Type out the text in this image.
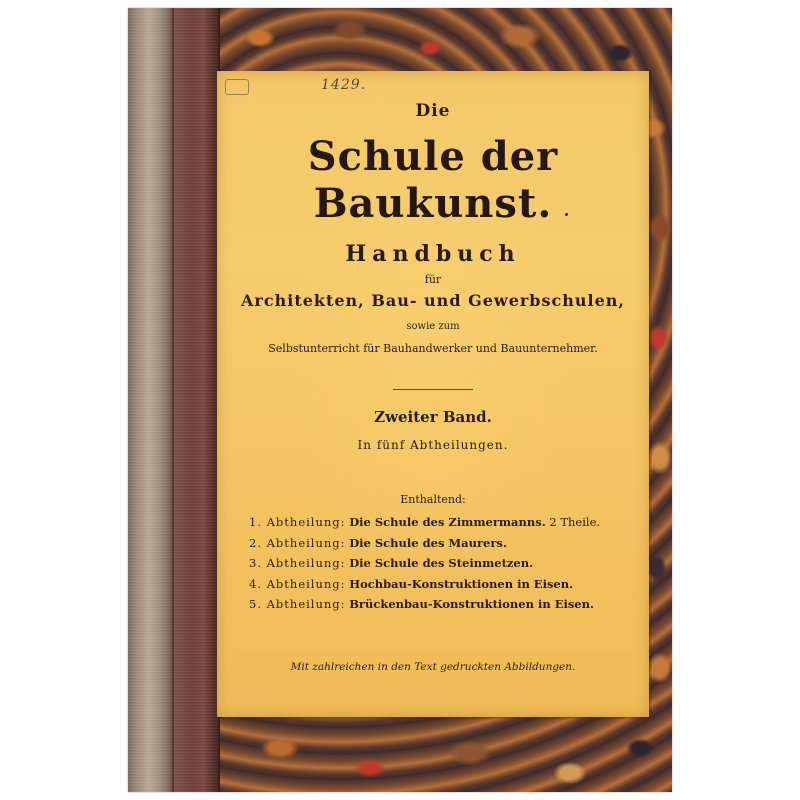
1429.
Die
Schule der Baukunst.
Handbuch
für
Architekten, Bau- und Gewerbschulen,
sowie zum
Selbstunterricht für Bauhandwerker und Bauunternehmer.
Zweiter Band.
In fünf Abtheilungen.
Enthaltend:
1. Abtheilung: Die Schule des Zimmermanns. 2 Theile.
2. Abtheilung: Die Schule des Maurers.
3. Abtheilung: Die Schule des Steinmetzen.
4. Abtheilung: Hochbau-Konstruktionen in Eisen.
5. Abtheilung: Brückenbau-Konstruktionen in Eisen.
Mit zahlreichen in den Text gedruckten Abbildungen.
